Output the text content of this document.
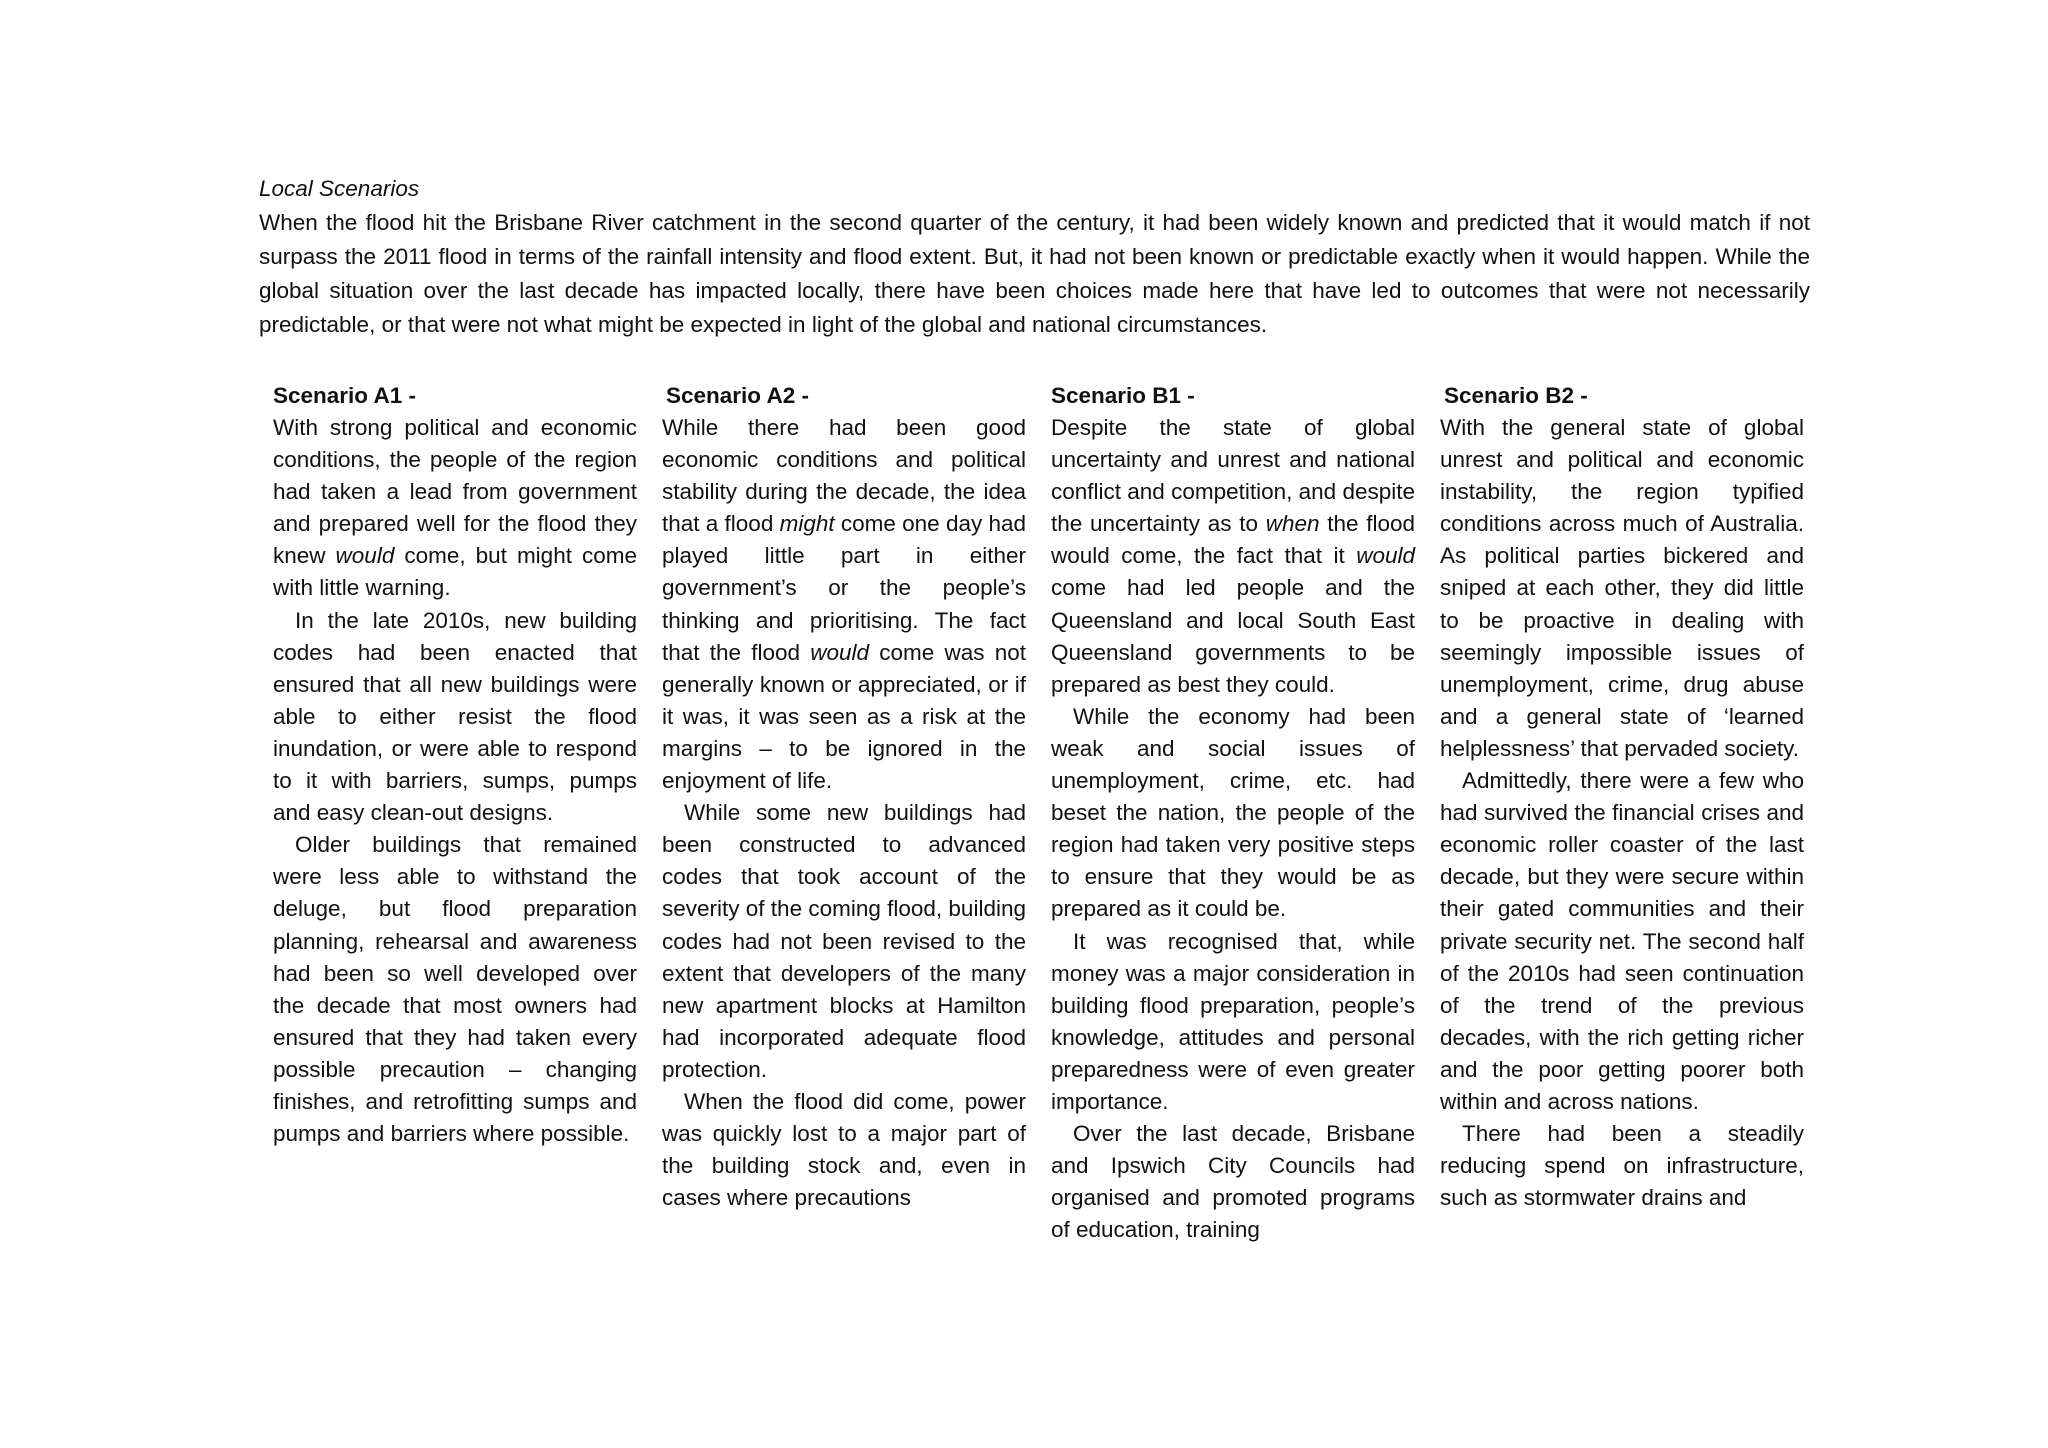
Local Scenarios

When the flood hit the Brisbane River catchment in the second quarter of the century, it had been widely known and predicted that it would match if not surpass the 2011 flood in terms of the rainfall intensity and flood extent. But, it had not been known or predictable exactly when it would happen. While the global situation over the last decade has impacted locally, there have been choices made here that have led to outcomes that were not necessarily predictable, or that were not what might be expected in light of the global and national circumstances.

Scenario A1 -

With strong political and economic conditions, the people of the region had taken a lead from government and prepared well for the flood they knew would come, but might come with little warning.

In the late 2010s, new building codes had been enacted that ensured that all new buildings were able to either resist the flood inundation, or were able to respond to it with barriers, sumps, pumps and easy clean-out designs.

Older buildings that remained were less able to withstand the deluge, but flood preparation planning, rehearsal and awareness had been so well developed over the decade that most owners had ensured that they had taken every possible precaution – changing finishes, and retrofitting sumps and pumps and barriers where possible.

Scenario A2 -

While there had been good economic conditions and political stability during the decade, the idea that a flood might come one day had played little part in either government’s or the people’s thinking and prioritising. The fact that the flood would come was not generally known or appreciated, or if it was, it was seen as a risk at the margins – to be ignored in the enjoyment of life.

While some new buildings had been constructed to advanced codes that took account of the severity of the coming flood, building codes had not been revised to the extent that developers of the many new apartment blocks at Hamilton had incorporated adequate flood protection.

When the flood did come, power was quickly lost to a major part of the building stock and, even in cases where precautions

Scenario B1 -

Despite the state of global uncertainty and unrest and national conflict and competition, and despite the uncertainty as to when the flood would come, the fact that it would come had led people and the Queensland and local South East Queensland governments to be prepared as best they could.

While the economy had been weak and social issues of unemployment, crime, etc. had beset the nation, the people of the region had taken very positive steps to ensure that they would be as prepared as it could be.

It was recognised that, while money was a major consideration in building flood preparation, people’s knowledge, attitudes and personal preparedness were of even greater importance.

Over the last decade, Brisbane and Ipswich City Councils had organised and promoted programs of education, training

Scenario B2 -

With the general state of global unrest and political and economic instability, the region typified conditions across much of Australia. As political parties bickered and sniped at each other, they did little to be proactive in dealing with seemingly impossible issues of unemployment, crime, drug abuse and a general state of ‘learned helplessness’ that pervaded society.

Admittedly, there were a few who had survived the financial crises and economic roller coaster of the last decade, but they were secure within their gated communities and their private security net. The second half of the 2010s had seen continuation of the trend of the previous decades, with the rich getting richer and the poor getting poorer both within and across nations.

There had been a steadily reducing spend on infrastructure, such as stormwater drains and
